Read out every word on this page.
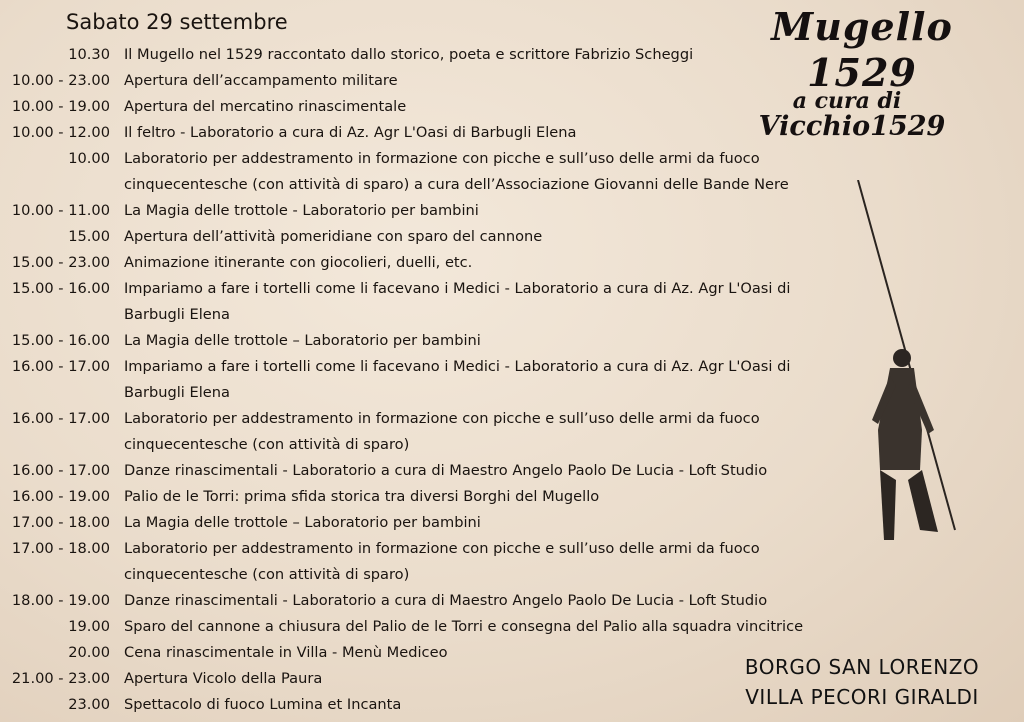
Sabato 29 settembre	Mugello 1529
a cura di
Vicchio1529
10.30 Il Mugello nel 1529 raccontato dallo storico, poeta e scrittore Fabrizio Scheggi
10.00 - 23.00 Apertura dell’accampamento militare
10.00 - 19.00 Apertura del mercatino rinascimentale
10.00 - 12.00 Il feltro - Laboratorio a cura di Az. Agr L'Oasi di Barbugli Elena
10.00 Laboratorio per addestramento in formazione con picche e sull’uso delle armi da fuoco
cinquecentesche (con attività di sparo) a cura dell’Associazione Giovanni delle Bande Nere
10.00 - 11.00 La Magia delle trottole - Laboratorio per bambini
15.00 Apertura dell’attività pomeridiane con sparo del cannone
15.00 - 23.00 Animazione itinerante con giocolieri, duelli, etc.
15.00 - 16.00 Impariamo a fare i tortelli come li facevano i Medici - Laboratorio a cura di Az. Agr L'Oasi di
Barbugli Elena
15.00 - 16.00 La Magia delle trottole – Laboratorio per bambini
16.00 - 17.00 Impariamo a fare i tortelli come li facevano i Medici - Laboratorio a cura di Az. Agr L'Oasi di
Barbugli Elena
16.00 - 17.00 Laboratorio per addestramento in formazione con picche e sull’uso delle armi da fuoco
cinquecentesche (con attività di sparo)
16.00 - 17.00 Danze rinascimentali - Laboratorio a cura di Maestro Angelo Paolo De Lucia - Loft Studio
16.00 - 19.00 Palio de le Torri: prima sfida storica tra diversi Borghi del Mugello
17.00 - 18.00 La Magia delle trottole – Laboratorio per bambini
17.00 - 18.00 Laboratorio per addestramento in formazione con picche e sull’uso delle armi da fuoco
cinquecentesche (con attività di sparo)
18.00 - 19.00 Danze rinascimentali - Laboratorio a cura di Maestro Angelo Paolo De Lucia - Loft Studio
19.00 Sparo del cannone a chiusura del Palio de le Torri e consegna del Palio alla squadra vincitrice
20.00 Cena rinascimentale in Villa - Menù Mediceo
21.00 - 23.00 Apertura Vicolo della Paura
23.00 Spettacolo di fuoco Lumina et Incanta
BORGO SAN LORENZO
VILLA PECORI GIRALDI
